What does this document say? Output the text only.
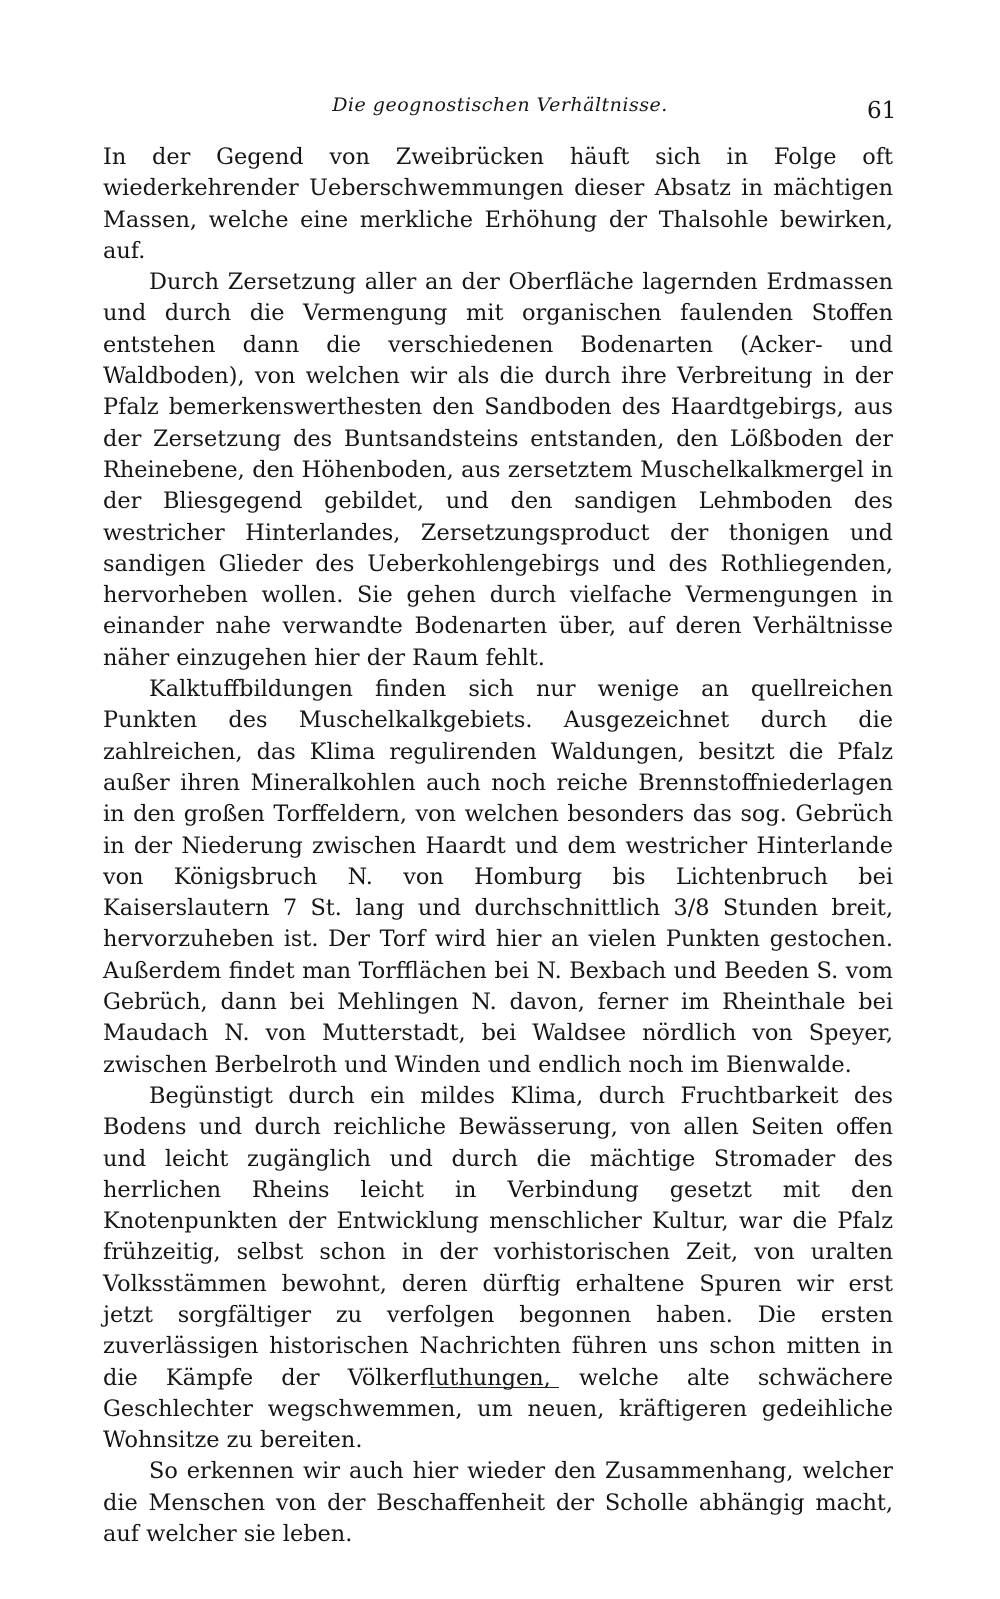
Die geognostischen Verhältnisse.	61

In der Gegend von Zweibrücken häuft sich in Folge oft wiederkehrender Ueberschwemmungen dieser Absatz in mächtigen Massen, welche eine merkliche Erhöhung der Thalsohle bewirken, auf.

Durch Zersetzung aller an der Oberfläche lagernden Erdmassen und durch die Vermengung mit organischen faulenden Stoffen entstehen dann die verschiedenen Bodenarten (Acker- und Waldboden), von welchen wir als die durch ihre Verbreitung in der Pfalz bemerkenswerthesten den Sandboden des Haardtgebirgs, aus der Zersetzung des Buntsandsteins entstanden, den Lößboden der Rheinebene, den Höhenboden, aus zersetztem Muschelkalkmergel in der Bliesgegend gebildet, und den sandigen Lehmboden des westricher Hinterlandes, Zersetzungsproduct der thonigen und sandigen Glieder des Ueberkohlengebirgs und des Rothliegenden, hervorheben wollen. Sie gehen durch vielfache Vermengungen in einander nahe verwandte Bodenarten über, auf deren Verhältnisse näher einzugehen hier der Raum fehlt.

Kalktuffbildungen finden sich nur wenige an quellreichen Punkten des Muschelkalkgebiets. Ausgezeichnet durch die zahlreichen, das Klima regulirenden Waldungen, besitzt die Pfalz außer ihren Mineralkohlen auch noch reiche Brennstoffniederlagen in den großen Torffeldern, von welchen besonders das sog. Gebrüch in der Niederung zwischen Haardt und dem westricher Hinterlande von Königsbruch N. von Homburg bis Lichtenbruch bei Kaiserslautern 7 St. lang und durchschnittlich 3/8 Stunden breit, hervorzuheben ist. Der Torf wird hier an vielen Punkten gestochen. Außerdem findet man Torfflächen bei N. Bexbach und Beeden S. vom Gebrüch, dann bei Mehlingen N. davon, ferner im Rheinthale bei Maudach N. von Mutterstadt, bei Waldsee nördlich von Speyer, zwischen Berbelroth und Winden und endlich noch im Bienwalde.

Begünstigt durch ein mildes Klima, durch Fruchtbarkeit des Bodens und durch reichliche Bewässerung, von allen Seiten offen und leicht zugänglich und durch die mächtige Stromader des herrlichen Rheins leicht in Verbindung gesetzt mit den Knotenpunkten der Entwicklung menschlicher Kultur, war die Pfalz frühzeitig, selbst schon in der vorhistorischen Zeit, von uralten Volksstämmen bewohnt, deren dürftig erhaltene Spuren wir erst jetzt sorgfältiger zu verfolgen begonnen haben. Die ersten zuverlässigen historischen Nachrichten führen uns schon mitten in die Kämpfe der Völkerfluthungen, welche alte schwächere Geschlechter wegschwemmen, um neuen, kräftigeren gedeihliche Wohnsitze zu bereiten.

So erkennen wir auch hier wieder den Zusammenhang, welcher die Menschen von der Beschaffenheit der Scholle abhängig macht, auf welcher sie leben.
